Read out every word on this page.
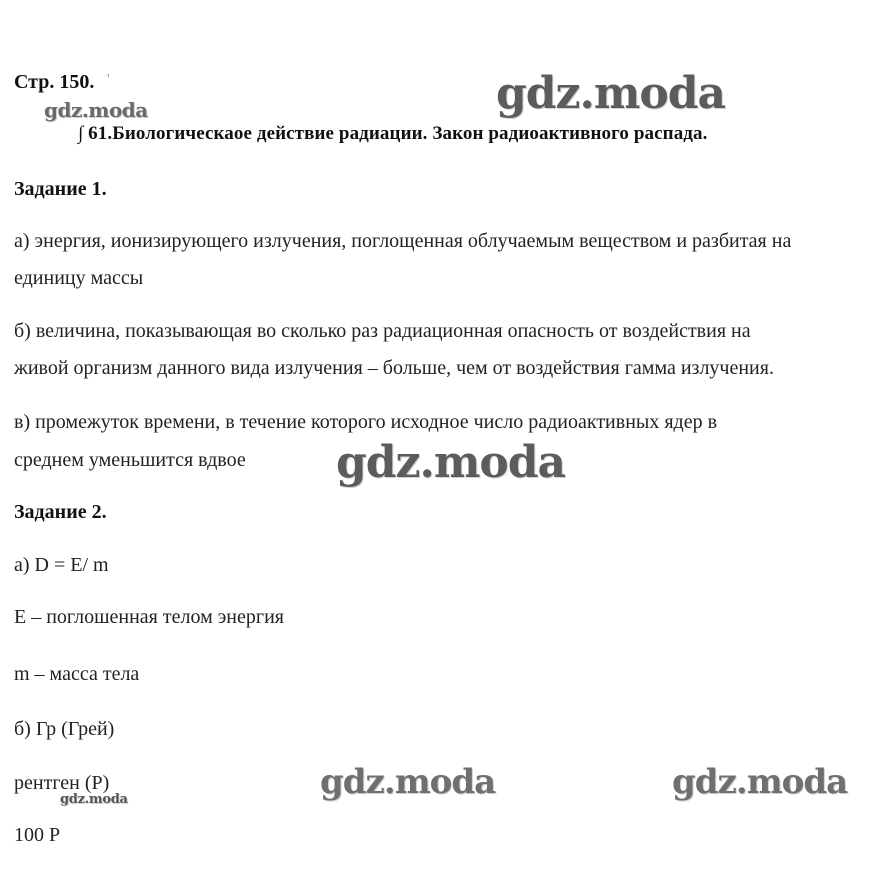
Стр. 150. '	gdz.moda
gdz.moda
∫ 61.Биологическаое действие радиации. Закон радиоактивного распада.
Задание 1.
а) энергия, ионизирующего излучения, поглощенная облучаемым веществом и разбитая на
единицу массы
б) величина, показывающая во сколько раз радиационная опасность от воздействия на
живой организм данного вида излучения – больше, чем от воздействия гамма излучения.
в) промежуток времени, в течение которого исходное число радиоактивных ядер в
среднем уменьшится вдвое gdz.moda
Задание 2.
а) D = E/ m
E – поглошенная телом энергия
m – масса тела
б) Гр (Грей)
рентген (Р)
gdz.moda	gdz.moda	gdz.moda
100 Р
